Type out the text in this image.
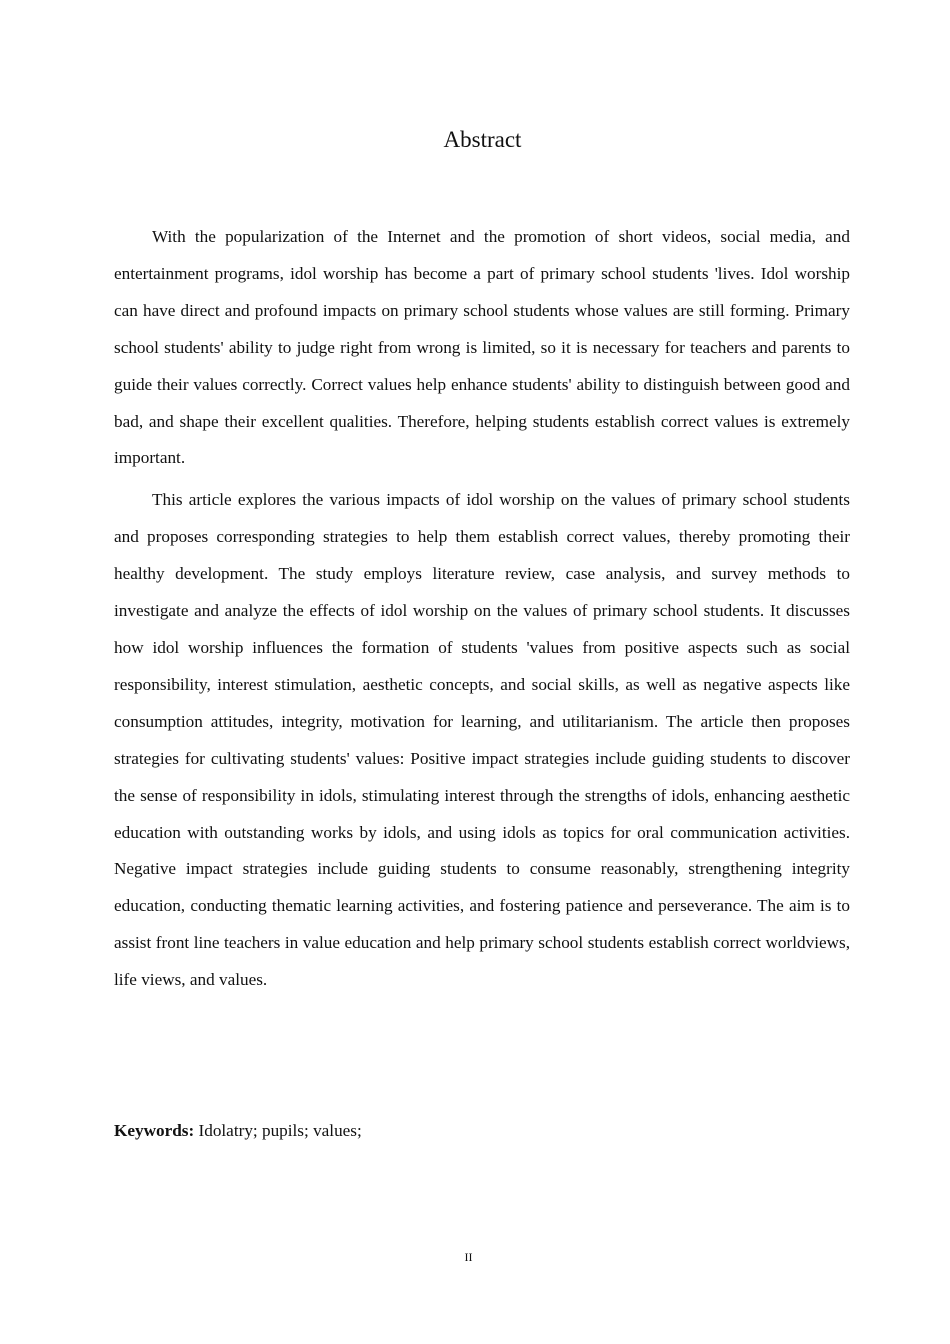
Abstract

With the popularization of the Internet and the promotion of short videos, social media, and entertainment programs, idol worship has become a part of primary school students 'lives. Idol worship can have direct and profound impacts on primary school students whose values are still forming. Primary school students' ability to judge right from wrong is limited, so it is necessary for teachers and parents to guide their values correctly. Correct values help enhance students' ability to distinguish between good and bad, and shape their excellent qualities. Therefore, helping students establish correct values is extremely important.

This article explores the various impacts of idol worship on the values of primary school students and proposes corresponding strategies to help them establish correct values, thereby promoting their healthy development. The study employs literature review, case analysis, and survey methods to investigate and analyze the effects of idol worship on the values of primary school students. It discusses how idol worship influences the formation of students 'values from positive aspects such as social responsibility, interest stimulation, aesthetic concepts, and social skills, as well as negative aspects like consumption attitudes, integrity, motivation for learning, and utilitarianism. The article then proposes strategies for cultivating students' values: Positive impact strategies include guiding students to discover the sense of responsibility in idols, stimulating interest through the strengths of idols, enhancing aesthetic education with outstanding works by idols, and using idols as topics for oral communication activities. Negative impact strategies include guiding students to consume reasonably, strengthening integrity education, conducting thematic learning activities, and fostering patience and perseverance. The aim is to assist front line teachers in value education and help primary school students establish correct worldviews, life views, and values.

Keywords: Idolatry; pupils; values;

II
